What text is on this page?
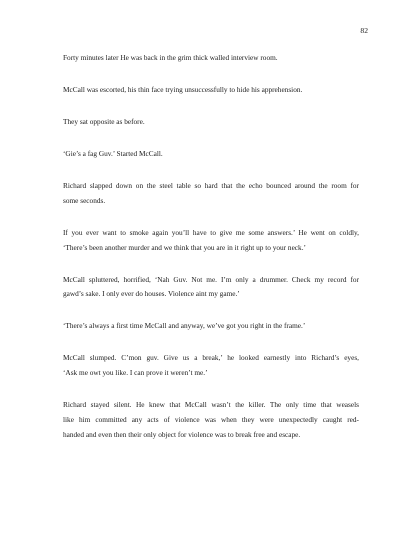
82

Forty minutes later He was back in the grim thick walled interview room.

McCall was escorted, his thin face trying unsuccessfully to hide his apprehension.

They sat opposite as before.

‘Gie’s a fag Guv.’ Started McCall.

Richard slapped down on the steel table so hard that the echo bounced around the room for
some seconds.

If you ever want to smoke again you’ll have to give me some answers.’ He went on coldly,
‘There’s been another murder and we think that you are in it right up to your neck.’

McCall spluttered, horrified, ‘Nah Guv. Not me. I’m only a drummer. Check my record for
gawd’s sake. I only ever do houses. Violence aint my game.’

‘There’s always a first time McCall and anyway, we’ve got you right in the frame.’

McCall slumped. C’mon guv. Give us a break,’ he looked earnestly into Richard’s eyes,
‘Ask me owt you like. I can prove it weren’t me.’

Richard stayed silent. He knew that McCall wasn’t the killer. The only time that weasels
like him committed any acts of violence was when they were unexpectedly caught red-
handed and even then their only object for violence was to break free and escape.
